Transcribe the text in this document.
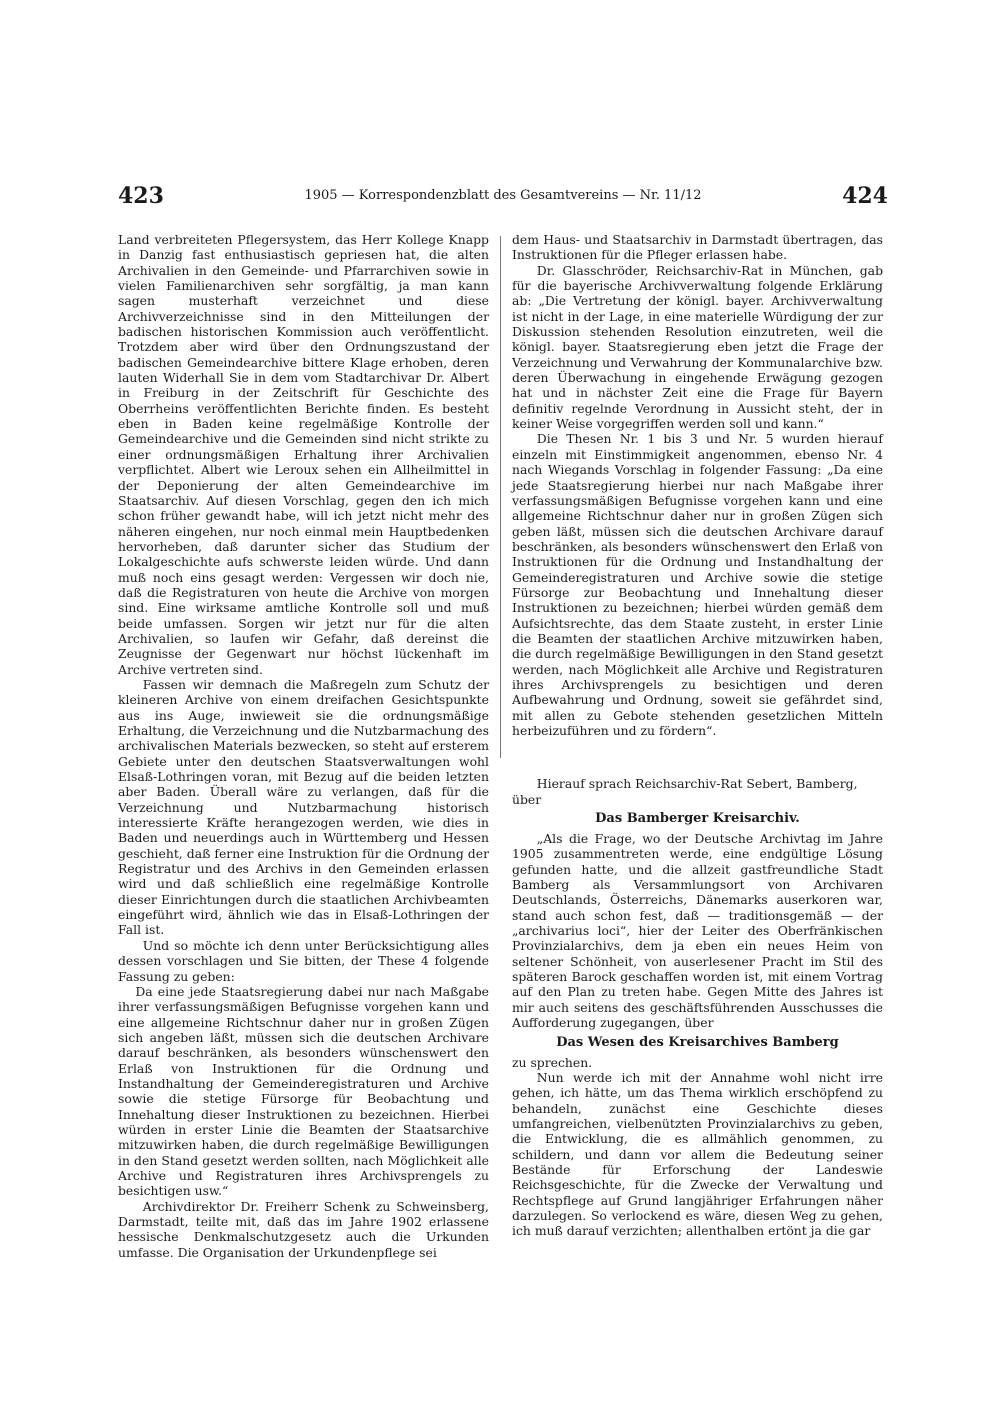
423	1905 — Korrespondenzblatt des Gesamtvereins — Nr. 11/12	424

Land verbreiteten Pflegersystem, das Herr Kollege Knapp in Danzig fast enthusiastisch gepriesen hat, die alten Archivalien in den Gemeinde- und Pfarrarchiven sowie in vielen Familienarchiven sehr sorgfältig, ja man kann sagen musterhaft verzeichnet und diese Archivverzeichnisse sind in den Mitteilungen der badischen historischen Kommission auch veröffentlicht. Trotzdem aber wird über den Ordnungszustand der badischen Gemeindearchive bittere Klage erhoben, deren lauten Widerhall Sie in dem vom Stadtarchivar Dr. Albert in Freiburg in der Zeitschrift für Geschichte des Oberrheins veröffentlichten Berichte finden. Es besteht eben in Baden keine regelmäßige Kontrolle der Gemeindearchive und die Gemeinden sind nicht strikte zu einer ordnungsmäßigen Erhaltung ihrer Archivalien verpflichtet. Albert wie Leroux sehen ein Allheilmittel in der Deponierung der alten Gemeindearchive im Staatsarchiv. Auf diesen Vorschlag, gegen den ich mich schon früher gewandt habe, will ich jetzt nicht mehr des näheren eingehen, nur noch einmal mein Hauptbedenken hervorheben, daß darunter sicher das Studium der Lokalgeschichte aufs schwerste leiden würde. Und dann muß noch eins gesagt werden: Vergessen wir doch nie, daß die Registraturen von heute die Archive von morgen sind. Eine wirksame amtliche Kontrolle soll und muß beide umfassen. Sorgen wir jetzt nur für die alten Archivalien, so laufen wir Gefahr, daß dereinst die Zeugnisse der Gegenwart nur höchst lückenhaft im Archive vertreten sind.

Fassen wir demnach die Maßregeln zum Schutz der kleineren Archive von einem dreifachen Gesichtspunkte aus ins Auge, inwieweit sie die ordnungsmäßige Erhaltung, die Verzeichnung und die Nutzbarmachung des archivalischen Materials bezwecken, so steht auf ersterem Gebiete unter den deutschen Staatsverwaltungen wohl Elsaß-Lothringen voran, mit Bezug auf die beiden letzten aber Baden. Überall wäre zu verlangen, daß für die Verzeichnung und Nutzbarmachung historisch interessierte Kräfte herangezogen werden, wie dies in Baden und neuerdings auch in Württemberg und Hessen geschieht, daß ferner eine Instruktion für die Ordnung der Registratur und des Archivs in den Gemeinden erlassen wird und daß schließlich eine regelmäßige Kontrolle dieser Einrichtungen durch die staatlichen Archivbeamten eingeführt wird, ähnlich wie das in Elsaß-Lothringen der Fall ist.

Und so möchte ich denn unter Berücksichtigung alles dessen vorschlagen und Sie bitten, der These 4 folgende Fassung zu geben:

Da eine jede Staatsregierung dabei nur nach Maßgabe ihrer verfassungsmäßigen Befugnisse vorgehen kann und eine allgemeine Richtschnur daher nur in großen Zügen sich angeben läßt, müssen sich die deutschen Archivare darauf beschränken, als besonders wünschenswert den Erlaß von Instruktionen für die Ordnung und Instandhaltung der Gemeinderegistraturen und Archive sowie die stetige Fürsorge für Beobachtung und Innehaltung dieser Instruktionen zu bezeichnen. Hierbei würden in erster Linie die Beamten der Staatsarchive mitzuwirken haben, die durch regelmäßige Bewilligungen in den Stand gesetzt werden sollten, nach Möglichkeit alle Archive und Registraturen ihres Archivsprengels zu besichtigen usw.“

Archivdirektor Dr. Freiherr Schenk zu Schweinsberg, Darmstadt, teilte mit, daß das im Jahre 1902 erlassene hessische Denkmalschutzgesetz auch die Urkunden umfasse. Die Organisation der Urkundenpflege sei

dem Haus- und Staatsarchiv in Darmstadt übertragen, das Instruktionen für die Pfleger erlassen habe.

Dr. Glasschröder, Reichsarchiv-Rat in München, gab für die bayerische Archivverwaltung folgende Erklärung ab: „Die Vertretung der königl. bayer. Archivverwaltung ist nicht in der Lage, in eine materielle Würdigung der zur Diskussion stehenden Resolution einzutreten, weil die königl. bayer. Staatsregierung eben jetzt die Frage der Verzeichnung und Verwahrung der Kommunalarchive bzw. deren Überwachung in eingehende Erwägung gezogen hat und in nächster Zeit eine die Frage für Bayern definitiv regelnde Verordnung in Aussicht steht, der in keiner Weise vorgegriffen werden soll und kann.“

Die Thesen Nr. 1 bis 3 und Nr. 5 wurden hierauf einzeln mit Einstimmigkeit angenommen, ebenso Nr. 4 nach Wiegands Vorschlag in folgender Fassung: „Da eine jede Staatsregierung hierbei nur nach Maßgabe ihrer verfassungsmäßigen Befugnisse vorgehen kann und eine allgemeine Richtschnur daher nur in großen Zügen sich geben läßt, müssen sich die deutschen Archivare darauf beschränken, als besonders wünschenswert den Erlaß von Instruktionen für die Ordnung und Instandhaltung der Gemeinderegistraturen und Archive sowie die stetige Fürsorge zur Beobachtung und Innehaltung dieser Instruktionen zu bezeichnen; hierbei würden gemäß dem Aufsichtsrechte, das dem Staate zusteht, in erster Linie die Beamten der staatlichen Archive mitzuwirken haben, die durch regelmäßige Bewilligungen in den Stand gesetzt werden, nach Möglichkeit alle Archive und Registraturen ihres Archivsprengels zu besichtigen und deren Aufbewahrung und Ordnung, soweit sie gefährdet sind, mit allen zu Gebote stehenden gesetzlichen Mitteln herbeizuführen und zu fördern“.

Hierauf sprach Reichsarchiv-Rat Sebert, Bamberg, über

Das Bamberger Kreisarchiv.

„Als die Frage, wo der Deutsche Archivtag im Jahre 1905 zusammentreten werde, eine endgültige Lösung gefunden hatte, und die allzeit gastfreundliche Stadt Bamberg als Versammlungsort von Archivaren Deutschlands, Österreichs, Dänemarks auserkoren war, stand auch schon fest, daß — traditionsgemäß — der „archivarius loci“, hier der Leiter des Oberfränkischen Provinzialarchivs, dem ja eben ein neues Heim von seltener Schönheit, von auserlesener Pracht im Stil des späteren Barock geschaffen worden ist, mit einem Vortrag auf den Plan zu treten habe. Gegen Mitte des Jahres ist mir auch seitens des geschäftsführenden Ausschusses die Aufforderung zugegangen, über

Das Wesen des Kreisarchives Bamberg

zu sprechen.

Nun werde ich mit der Annahme wohl nicht irre gehen, ich hätte, um das Thema wirklich erschöpfend zu behandeln, zunächst eine Geschichte dieses umfangreichen, vielbenützten Provinzialarchivs zu geben, die Entwicklung, die es allmählich genommen, zu schildern, und dann vor allem die Bedeutung seiner Bestände für Erforschung der Landeswie Reichsgeschichte, für die Zwecke der Verwaltung und Rechtspflege auf Grund langjähriger Erfahrungen näher darzulegen. So verlockend es wäre, diesen Weg zu gehen, ich muß darauf verzichten; allenthalben ertönt ja die gar
